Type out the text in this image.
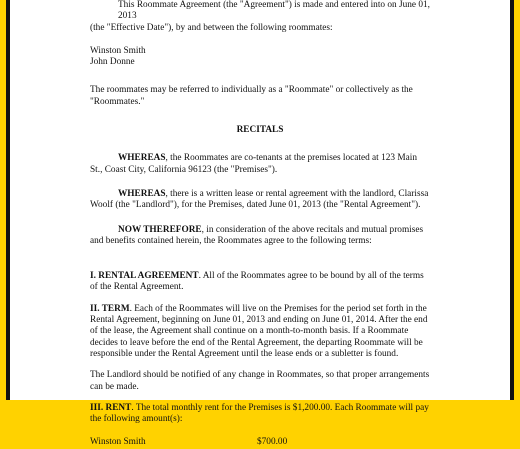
This Roommate Agreement (the "Agreement") is made and entered into on June 01, 2013

(the "Effective Date"), by and between the following roommates:

Winston Smith

John Donne

The roommates may be referred to individually as a "Roommate" or collectively as the "Roommates."

RECITALS

WHEREAS, the Roommates are co-tenants at the premises located at 123 Main St., Coast City, California 96123 (the "Premises").

WHEREAS, there is a written lease or rental agreement with the landlord, Clarissa Woolf (the "Landlord"), for the Premises, dated June 01, 2013 (the "Rental Agreement").

NOW THEREFORE, in consideration of the above recitals and mutual promises and benefits contained herein, the Roommates agree to the following terms:

I. RENTAL AGREEMENT. All of the Roommates agree to be bound by all of the terms of the Rental Agreement.

II. TERM. Each of the Roommates will live on the Premises for the period set forth in the Rental Agreement, beginning on June 01, 2013 and ending on June 01, 2014. After the end of the lease, the Agreement shall continue on a month-to-month basis. If a Roommate decides to leave before the end of the Rental Agreement, the departing Roommate will be responsible under the Rental Agreement until the lease ends or a subletter is found.

The Landlord should be notified of any change in Roommates, so that proper arrangements can be made.

III. RENT. The total monthly rent for the Premises is $1,200.00. Each Roommate will pay the following amount(s):

Winston Smith	$700.00
